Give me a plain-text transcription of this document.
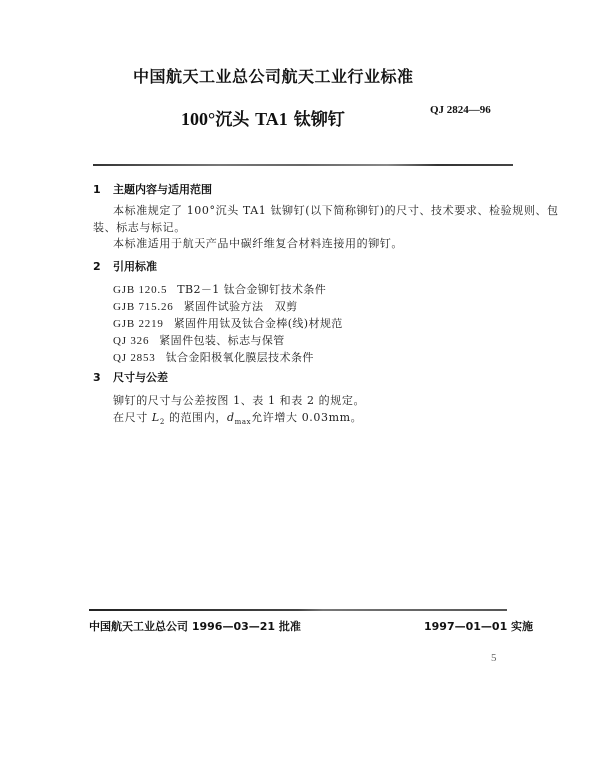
中国航天工业总公司航天工业行业标准
100°沉头 TA1 钛铆钉	QJ 2824—96
1 主题内容与适用范围
本标准规定了 100°沉头 TA1 钛铆钉(以下简称铆钉)的尺寸、技术要求、检验规则、包
装、标志与标记。
本标准适用于航天产品中碳纤维复合材料连接用的铆钉。
2 引用标准
GJB 120.5 TB2－1 钛合金铆钉技术条件
GJB 715.26 紧固件试验方法　双剪
GJB 2219 紧固件用钛及钛合金棒(线)材规范
QJ 326 紧固件包装、标志与保管
QJ 2853 钛合金阳极氧化膜层技术条件
3 尺寸与公差
铆钉的尺寸与公差按图 1、表 1 和表 2 的规定。
在尺寸 $L_2$ 的范围内，$d_{max}$允许增大 0.03mm。
中国航天工业总公司 1996—03—21 批准	1997—01—01 实施
5
